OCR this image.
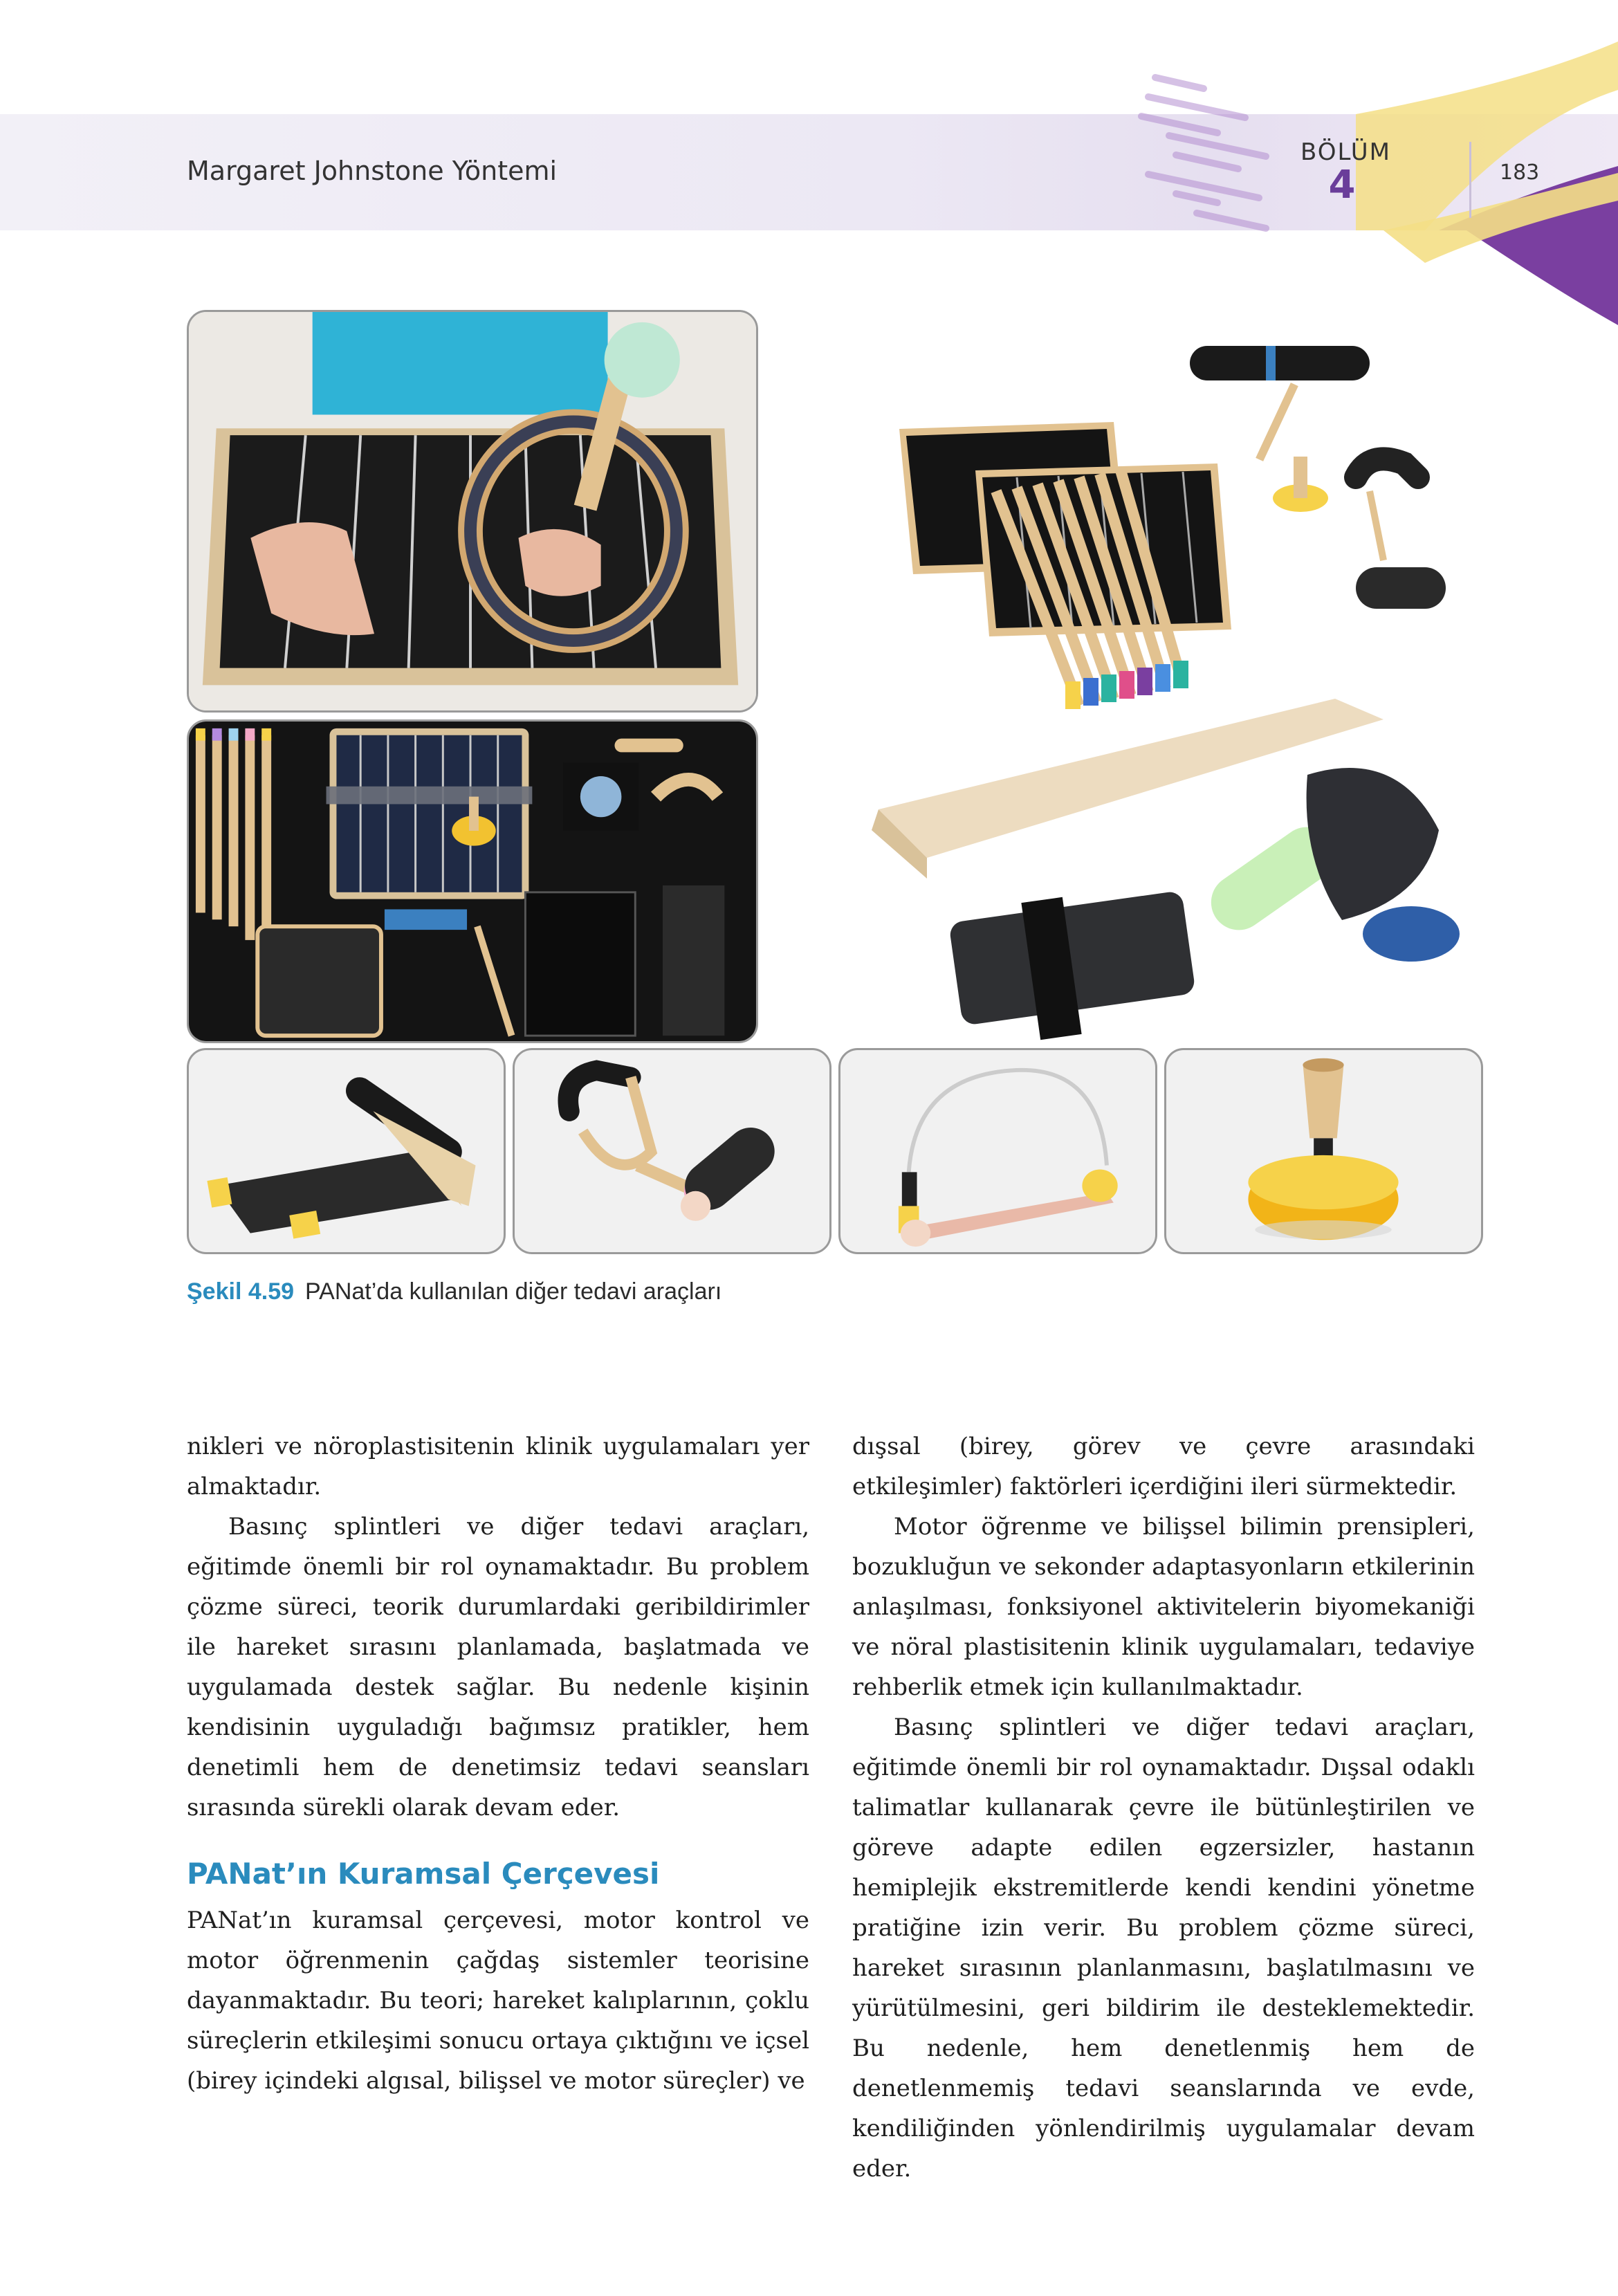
Margaret Johnstone Yöntemi

BÖLÜM
4	183

Şekil 4.59 PANat’da kullanılan diğer tedavi araçları

nikleri ve nöroplastisitenin klinik uygulamaları yer almaktadır.

Basınç splintleri ve diğer tedavi araçları, eğitimde önemli bir rol oynamaktadır. Bu problem çözme süreci, teorik durumlardaki geribildirimler ile hareket sırasını planlamada, başlatmada ve uygulamada destek sağlar. Bu nedenle kişinin kendisinin uyguladığı bağımsız pratikler, hem denetimli hem de denetimsiz tedavi seansları sırasında sürekli olarak devam eder.

PANat’ın Kuramsal Çerçevesi

PANat’ın kuramsal çerçevesi, motor kontrol ve motor öğrenmenin çağdaş sistemler teorisine dayanmaktadır. Bu teori; hareket kalıplarının, çoklu süreçlerin etkileşimi sonucu ortaya çıktığını ve içsel (birey içindeki algısal, bilişsel ve motor süreçler) ve

dışsal (birey, görev ve çevre arasındaki etkileşimler) faktörleri içerdiğini ileri sürmektedir.

Motor öğrenme ve bilişsel bilimin prensipleri, bozukluğun ve sekonder adaptasyonların etkilerinin anlaşılması, fonksiyonel aktivitelerin biyomekaniği ve nöral plastisitenin klinik uygulamaları, tedaviye rehberlik etmek için kullanılmaktadır.

Basınç splintleri ve diğer tedavi araçları, eğitimde önemli bir rol oynamaktadır. Dışsal odaklı talimatlar kullanarak çevre ile bütünleştirilen ve göreve adapte edilen egzersizler, hastanın hemiplejik ekstremitlerde kendi kendini yönetme pratiğine izin verir. Bu problem çözme süreci, hareket sırasının planlanmasını, başlatılmasını ve yürütülmesini, geri bildirim ile desteklemektedir. Bu nedenle, hem denetlenmiş hem de denetlenmemiş tedavi seanslarında ve evde, kendiliğinden yönlendirilmiş uygulamalar devam eder.
